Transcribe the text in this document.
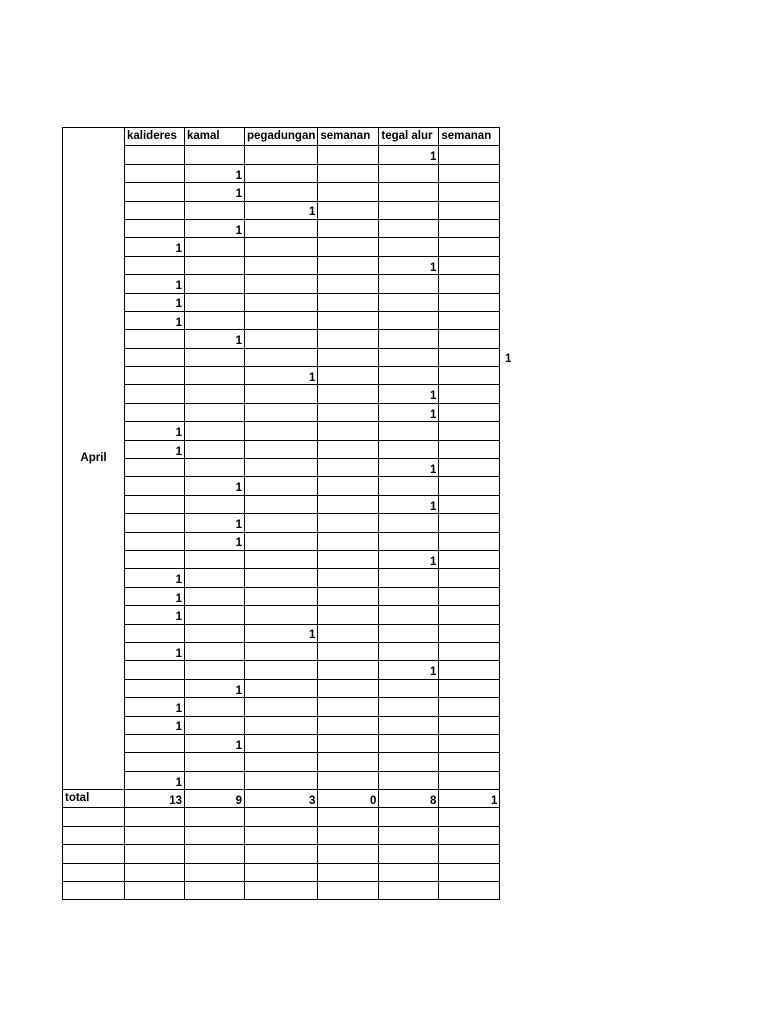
April	kalideres	kamal	pegadungan	semanan	tegal alur	semanan
					1	

		1				

		1				

			1			

		1				

	1					

					1	

	1					

	1					

	1					

		1				

						1

			1			

					1	

					1	

	1					

	1					

					1	

		1				

					1	

		1				

		1				

					1	

	1					

	1					

	1					

			1			

	1					

					1	

		1				

	1					

	1					

		1				

	1					

total	13	9	3	0	8	1
